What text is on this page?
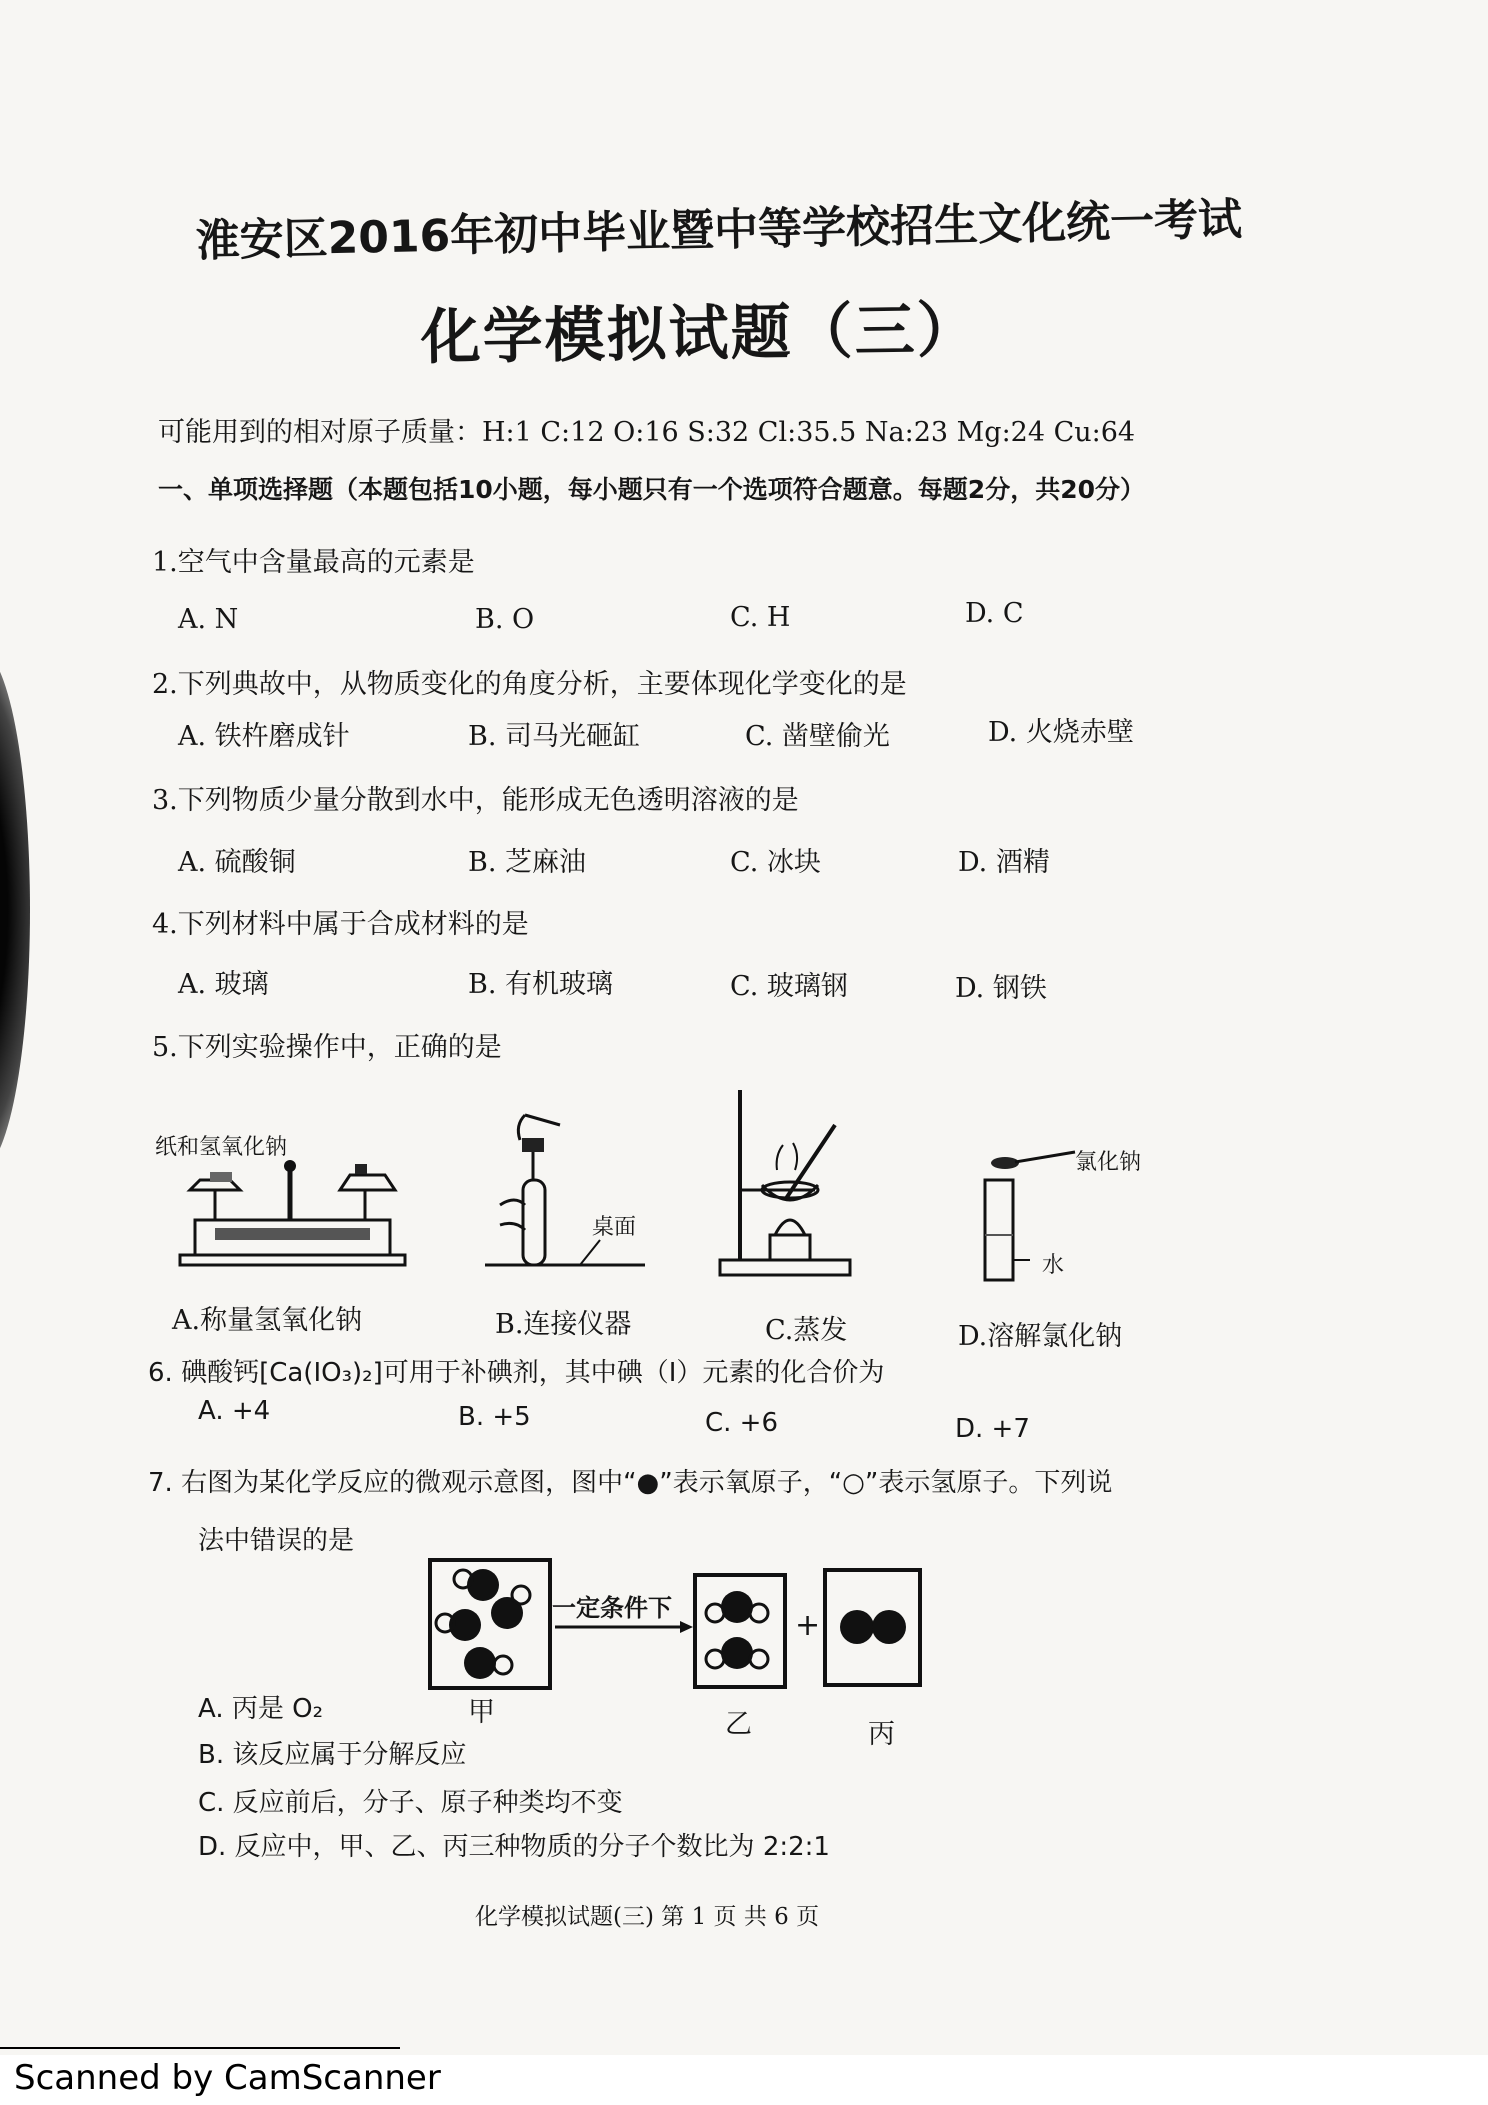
淮安区2016年初中毕业暨中等学校招生文化统一考试
化学模拟试题（三）
可能用到的相对原子质量：H:1 C:12 O:16 S:32 Cl:35.5 Na:23 Mg:24 Cu:64
一、单项选择题（本题包括10小题，每小题只有一个选项符合题意。每题2分，共20分）
1.空气中含量最高的元素是
A. N	B. O	C. H	D. C
2.下列典故中，从物质变化的角度分析，主要体现化学变化的是
A. 铁杵磨成针	B. 司马光砸缸	C. 凿壁偷光	D. 火烧赤壁
3.下列物质少量分散到水中，能形成无色透明溶液的是
A. 硫酸铜	B. 芝麻油	C. 冰块	D. 酒精
4.下列材料中属于合成材料的是
A. 玻璃	B. 有机玻璃	C. 玻璃钢	D. 钢铁
5.下列实验操作中，正确的是
纸和氢氧化钠
桌面
氯化钠
水
A.称量氢氧化钠	B.连接仪器	C.蒸发	D.溶解氯化钠
6. 碘酸钙[Ca(IO₃)₂]可用于补碘剂，其中碘（I）元素的化合价为
A. +4	B. +5	C. +6	D. +7
7. 右图为某化学反应的微观示意图，图中“●”表示氧原子，“○”表示氢原子。下列说
法中错误的是
一定条件下	+
甲	乙	丙
A. 丙是 O₂
B. 该反应属于分解反应
C. 反应前后，分子、原子种类均不变
D. 反应中，甲、乙、丙三种物质的分子个数比为 2:2:1
化学模拟试题(三) 第 1 页 共 6 页
Scanned by CamScanner
